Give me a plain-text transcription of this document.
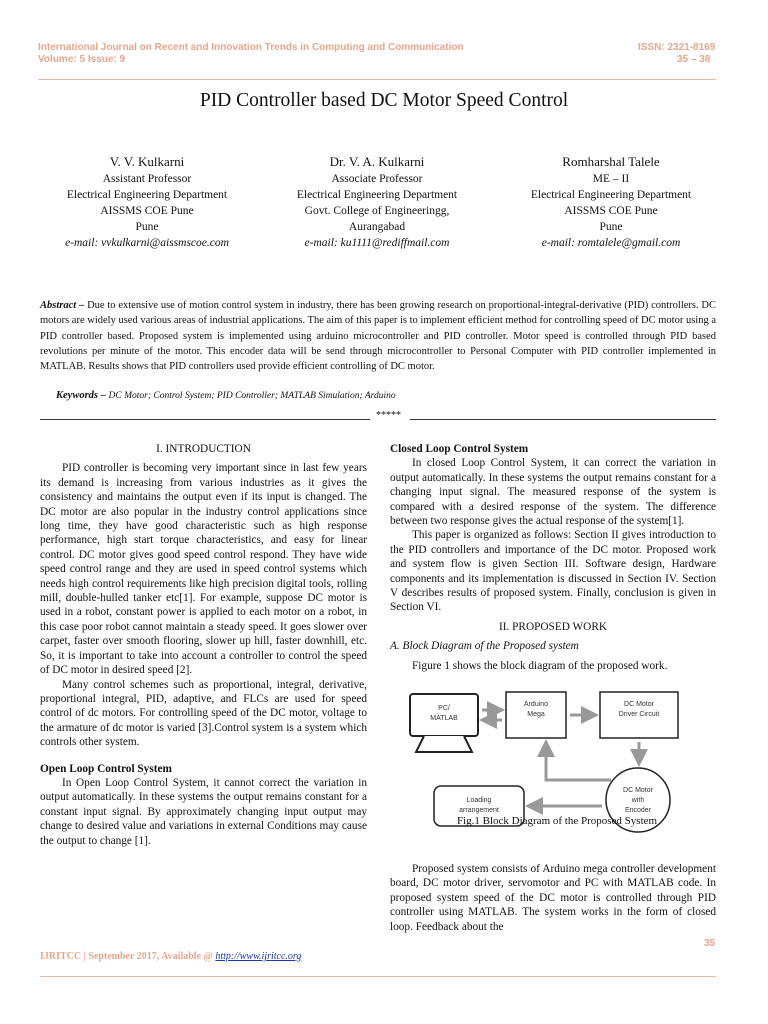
International Journal on Recent and Innovation Trends in Computing and Communication
Volume: 5 Issue: 9
ISSN: 2321-8169
35 – 38
PID Controller based DC Motor Speed Control
V. V. Kulkarni
Assistant Professor
Electrical Engineering Department
AISSMS COE Pune
Pune
e-mail: vvkulkarni@aissmscoe.com
Dr. V. A. Kulkarni
Associate Professor
Electrical Engineering Department
Govt. College of Engineeringg,
Aurangabad
e-mail: ku1111@rediffmail.com
Romharshal Talele
ME – II
Electrical Engineering Department
AISSMS COE Pune
Pune
e-mail: romtalele@gmail.com
Abstract – Due to extensive use of motion control system in industry, there has been growing research on proportional-integral-derivative (PID) controllers. DC motors are widely used various areas of industrial applications. The aim of this paper is to implement efficient method for controlling speed of DC motor using a PID controller based. Proposed system is implemented using arduino microcontroller and PID controller. Motor speed is controlled through PID based revolutions per minute of the motor. This encoder data will be send through microcontroller to Personal Computer with PID controller implemented in MATLAB. Results shows that PID controllers used provide efficient controlling of DC motor.
Keywords – DC Motor; Control System; PID Controller; MATLAB Simulation; Arduino
*****

I. INTRODUCTION

PID controller is becoming very important since in last few years its demand is increasing from various industries as it gives the consistency and maintains the output even if its input is changed. The DC motor are also popular in the industry control applications since long time, they have good characteristic such as high response performance, high start torque characteristics, and easy for linear control. DC motor gives good speed control respond. They have wide speed control range and they are used in speed control systems which needs high control requirements like high precision digital tools, rolling mill, double-hulled tanker etc[1]. For example, suppose DC motor is used in a robot, constant power is applied to each motor on a robot, in this case poor robot cannot maintain a steady speed. It goes slower over carpet, faster over smooth flooring, slower up hill, faster downhill, etc. So, it is important to take into account a controller to control the speed of DC motor in desired speed [2].

Many control schemes such as proportional, integral, derivative, proportional integral, PID, adaptive, and FLCs are used for speed control of dc motors. For controlling speed of the DC motor, voltage to the armature of dc motor is varied [3].Control system is a system which controls other system.

Open Loop Control System

In Open Loop Control System, it cannot correct the variation in output automatically. In these systems the output remains constant for a constant input signal. By approximately changing input output may change to desired value and variations in external Conditions may cause the output to change [1].

Closed Loop Control System

In closed Loop Control System, it can correct the variation in output automatically. In these systems the output remains constant for a changing input signal. The measured response of the system is compared with a desired response of the system. The difference between two response gives the actual response of the system[1].

This paper is organized as follows: Section II gives introduction to the PID controllers and importance of the DC motor. Proposed work and system flow is given Section III. Software design, Hardware components and its implementation is discussed in Section IV. Section V describes results of proposed system. Finally, conclusion is given in Section VI.

II. PROPOSED WORK

A. Block Diagram of the Proposed system

Figure 1 shows the block diagram of the proposed work.

PC/
MATLAB
Arduino
Mega
DC Motor
Driver Circuit
Loading
arrangement
DC Motor
with
Encoder
Fig.1 Block Diagram of the Proposed System

Proposed system consists of Arduino mega controller development board, DC motor driver, servomotor and PC with MATLAB code. In proposed system speed of the DC motor is controlled through PID controller using MATLAB. The system works in the form of closed loop. Feedback about the

35
IJRITCC | September 2017, Available @ http://www.ijritcc.org
